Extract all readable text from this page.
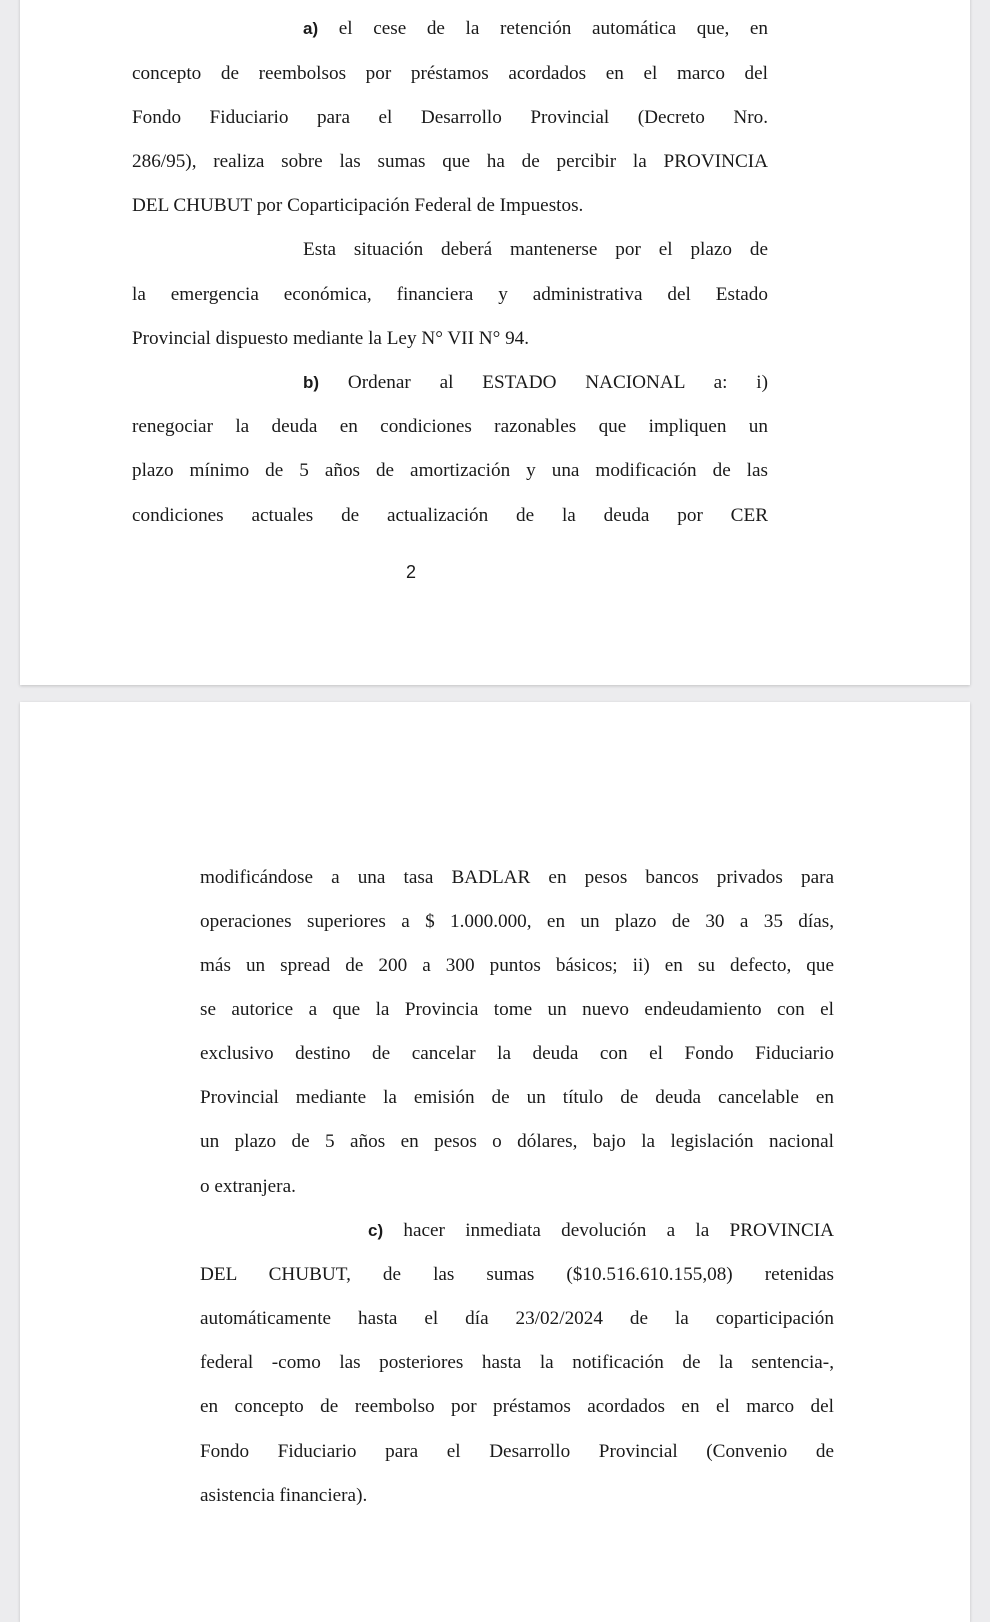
a) el cese de la retención automática que, en

concepto de reembolsos por préstamos acordados en el marco del

Fondo Fiduciario para el Desarrollo Provincial (Decreto Nro.

286/95), realiza sobre las sumas que ha de percibir la PROVINCIA

DEL CHUBUT por Coparticipación Federal de Impuestos.

Esta situación deberá mantenerse por el plazo de

la emergencia económica, financiera y administrativa del Estado

Provincial dispuesto mediante la Ley N° VII N° 94.

b) Ordenar al ESTADO NACIONAL a: i)

renegociar la deuda en condiciones razonables que impliquen un

plazo mínimo de 5 años de amortización y una modificación de las

condiciones actuales de actualización de la deuda por CER

2

modificándose a una tasa BADLAR en pesos bancos privados para

operaciones superiores a $ 1.000.000, en un plazo de 30 a 35 días,

más un spread de 200 a 300 puntos básicos; ii) en su defecto, que

se autorice a que la Provincia tome un nuevo endeudamiento con el

exclusivo destino de cancelar la deuda con el Fondo Fiduciario

Provincial mediante la emisión de un título de deuda cancelable en

un plazo de 5 años en pesos o dólares, bajo la legislación nacional

o extranjera.

c) hacer inmediata devolución a la PROVINCIA

DEL CHUBUT, de las sumas ($10.516.610.155,08) retenidas

automáticamente hasta el día 23/02/2024 de la coparticipación

federal -como las posteriores hasta la notificación de la sentencia-,

en concepto de reembolso por préstamos acordados en el marco del

Fondo Fiduciario para el Desarrollo Provincial (Convenio de

asistencia financiera).
